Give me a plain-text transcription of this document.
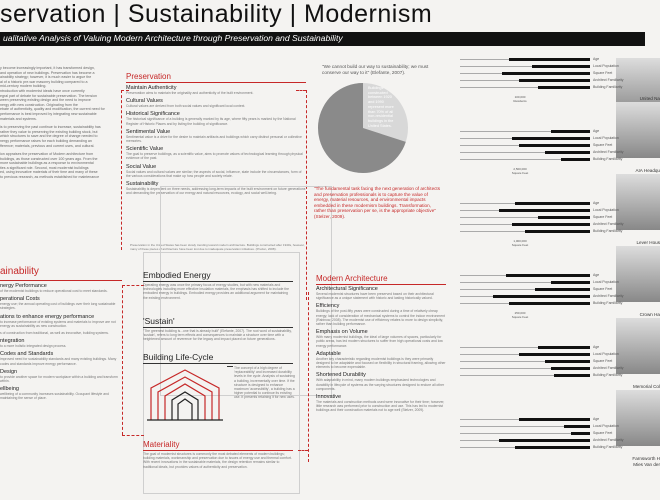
servation | Sustainability | Modernism
ualitative Analysis of Valuing Modern Architecture through Preservation and Sustainability
y become increasingly important, it has transformed design,
and operation of new buildings. Preservation has become a
ainability strategy; however, it is much easier to argue the
al of a historic pre-war masonry building compared to a
mid-century modern building.
ntroduction with modernist ideals have once currently
egral part of debate for sustainable preservation. The tension
ween preserving existing design and the need to improve
nergy with new construction. Originating from the
ebate of authenticity, quality and modification, the current need for
performance is best improved by integrating new sustainable
materials and systems.
is to preserving the past continue to increase, sustainability has
rather they value to preserving the existing building stock, but
which structures to save and the degree of change needed to
nergy performance raises for each building demanding an
fference; materials, previous and current uses, and cultural.
ion appraises the preservation of Modern architecture from
buildings, as those constructed over 100 years ago. From the
more sustainable buildings as a response to environmental
ties a significant role. Second, most modernist buildings
ed, using innovative materials of their time and many of these
to previous research, as methods established for maintenance
Preservation
Maintain Authenticity
Preservation aims to maintain the originality and authenticity of the built environment.
Cultural Values
Cultural values are derived from both social values and significant local context.
Historical Significance
The historical significance of a building is generally marked by its age, where fifty years is marked by the National Register of Historic Places and by listing the building of significance.
Sentimental Value
Sentimental value is a drive for the desire to maintain artifacts and buildings which carry distinct personal or collective memories.
Scientific Value
The goal to preserve buildings, as a scientific value, aims to promote values of technological learning through physical evidence of the past.
Social Value
Social values and cultural values are similar; the aspects of social, influence, state include the circumstances, form of the various considerations that make up how people and society relate.
Sustainability
Sustainability is dependent on three needs, addressing long-term impacts of the built environment on future generations and demanding the preservation of our energy and natural resources, ecology, and social well-being.
Preservation in the United States has been slowly trending toward modern architecture. Buildings constructed after 1940s, however, many of these pieces of architecture have been lost due to inadequate preservation initiatives. (Prudon, 2008).
"We cannot build our way to sustainability; we must conserve our way to it" (Elefante, 2007).
Buildings
constructed
between 1920
and 1990
represent more
than 70% of all
non-residential
buildings in the
United States.
"The fundamental task facing the next generation of architects and preservation professionals is to capture the value of energy, material resources, and environmental impacts embedded in these modernism buildings. Transformation, rather than preservation per se, is the appropriate objective" (Stelzer, 2009).
ainability
nergy Performance
of the modernist buildings to reduce operational cost to meet standards.
perational Costs
energy use; the annual operating cost of buildings over their long sustainable strategies.
ations to enhance energy performance
to increase performance of existing systems and materials to improve are not energy as sustainability as new construction.
s of construction from traditional, as well as innovative, building systems.
ntegration
to a more holistic integrated design process.
Codes and Standards
improved need for sustainability standards and many existing buildings. Many codes and standards improve energy performance.
Design
to provide another space for modern workplace within a building and transform within.
ellbeing
wellbeing of a community increases sustainability. Occupant lifestyle and maintaining the sense of place.
Embodied Energy
Operating energy was once the primary focus of energy studies, but with new materials and technologies including more effective insulation materials, the emphasis has shifted to include the embodied energy in buildings. Embodied energy provides an additional argument for maintaining the existing environment.
'Sustain'
"The greenest building is...one that is already built" (Elefante, 2007). The root word of sustainability, 'sustain', refers to long term effects and consequences to maintain a structure over time with a heightened amount of reverence for the legacy and impact placed on future generations.
Building Life-Cycle
The concept of a high degree of 'replaceability' and increased durability levels in the cycle. Analysis of sustaining a building, incrementally over time. If the structure is designed to enhance maximum 'accessibility', a building has a higher potential to continue its existing use. It presents retaining it for new uses.
Materiality
The goal of modernist structures is commonly the most debated elements of modern buildings; building materials, workmanship and preservation due to issues of energy use and thermal comfort. With recent innovations in the sustainable materials, the design retention remains similar to traditional ideals, but provides values of authenticity and preservation.
Modern Architecture
Architectural Significance
Several modernist structures have been preserved based on their architectural significance as a unique statement with historic and lasting historically valued.
Efficiency
Buildings of the post-fifty years were constructed during a time of relatively cheap energy; lack of consideration of mechanical systems to control the indoor environment (Rabinow, 2008). The modernist use of efficiency relates to more to design simplicity, rather than building performance.
Emphasis on Volume
With many modernist buildings, the ideal of large volumes of spaces, particularly for public areas, has led modern structures to suffer from high operational costs and low energy performance.
Adaptable
Another key characteristic regarding modernist buildings is they were primarily designed to be adaptable and focused on flexibility in structural framing, allowing other elements to become expendable.
Shortened Durability
With adaptability in mind, many modern buildings emphasized technologies and durability in lifecycle of systems as the varying structures designed to endure all other components.
Innovative
The materials and construction methods used were innovative for their time; however, little research was performed prior to construction and use. This has led to modernist buildings and their construction materials not to age well (Stelzer, 2009).
Age
Local Population
Square Feet
Architect Familiarity
Building Familiarity
United Na
100,000
Residents
Age
Local Population
Square Feet
Architect Familiarity
Building Familiarity
AIA Headqu
2,500,000
Square Feet
Age
Local Population
Square Feet
Architect Familiarity
Building Familiarity
Lever Hous
1,000,000
Square Feet
Age
Local Population
Square Feet
Architect Familiarity
Building Familiarity
Crown Ha
250,000
Square Feet
Age
Local Population
Square Feet
Architect Familiarity
Building Familiarity
Memorial Col
Age
Local Population
Square Feet
Architect Familiarity
Building Familiarity
Farnsworth H
Mies Van der
